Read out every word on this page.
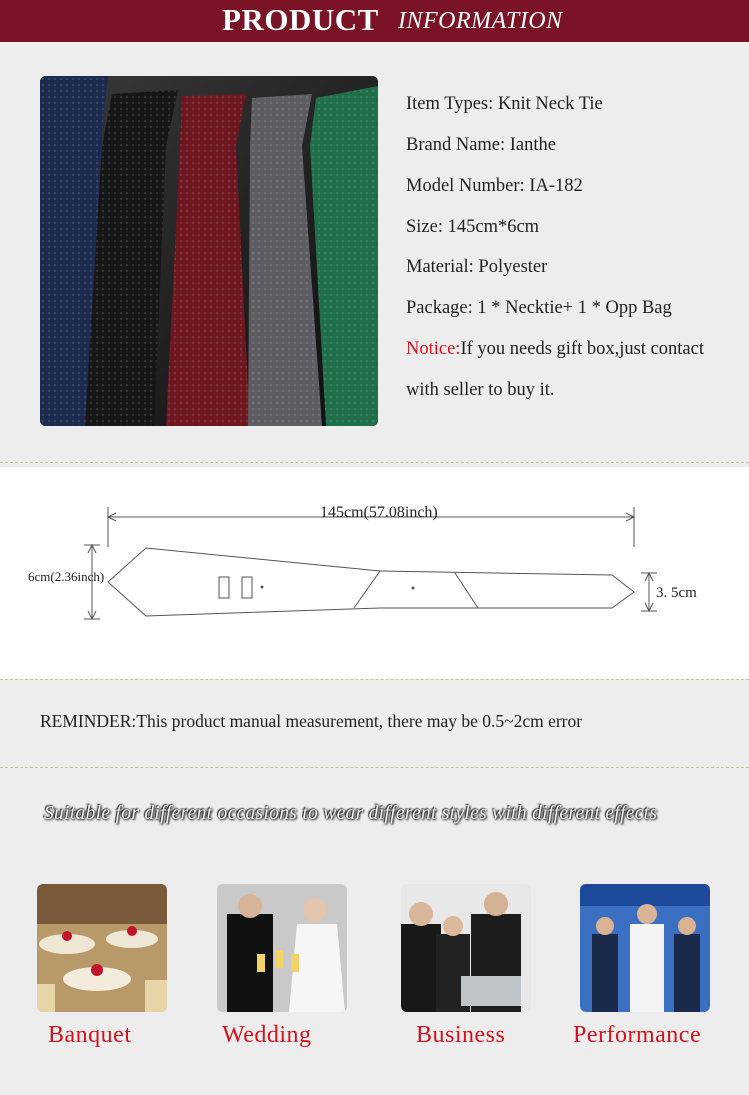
PRODUCT INFORMATION
Item Types: Knit Neck Tie
Brand Name: Ianthe
Model Number: IA-182
Size: 145cm*6cm
Material: Polyester
Package: 1 * Necktie+ 1 * Opp Bag
Notice:If you needs gift box,just contact
with seller to buy it.
145cm(57.08inch)
6cm(2.36inch)
3. 5cm
REMINDER:This product manual measurement, there may be 0.5~2cm error
Suitable for different occasions to wear different styles with different effects
Banquet	Wedding	Business	Performance
